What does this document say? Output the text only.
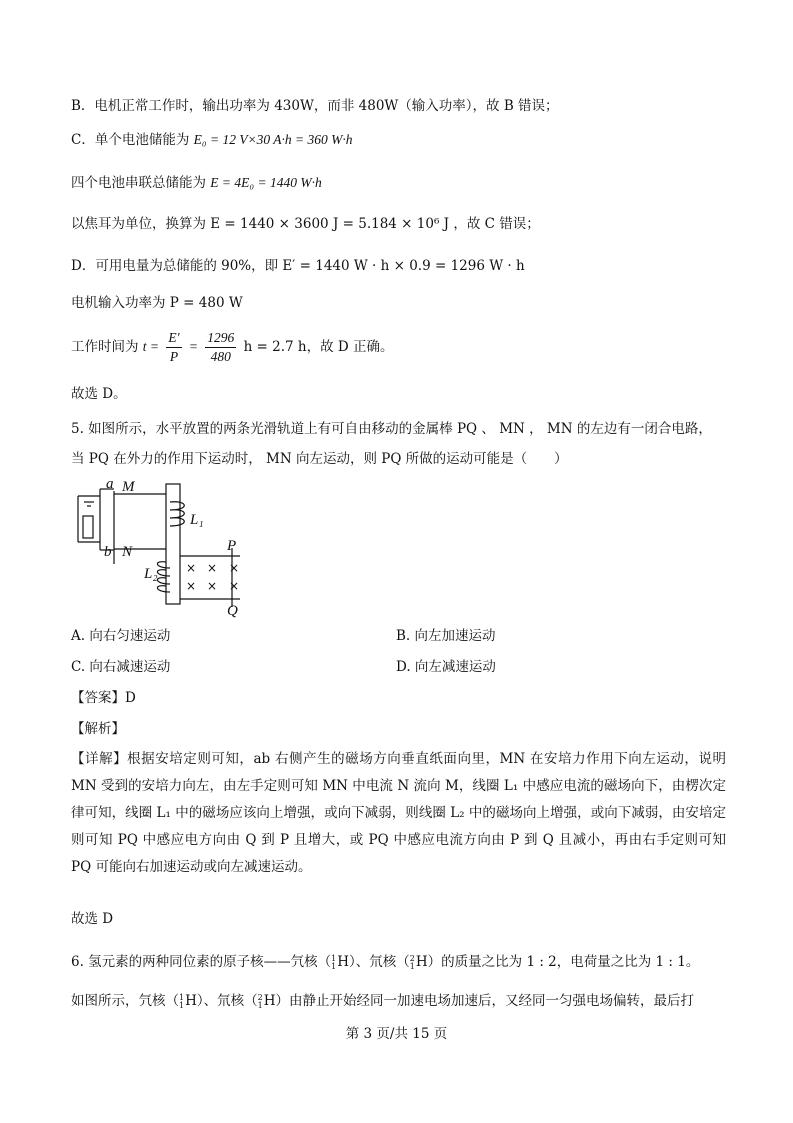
B．电机正常工作时，输出功率为 430W，而非 480W（输入功率），故 B 错误；
C．单个电池储能为 E₀ = 12 V×30 A·h = 360 W·h
四个电池串联总储能为 E = 4E₀ = 1440 W·h
以焦耳为单位，换算为 E = 1440 × 3600 J = 5.184 × 10⁶ J ，故 C 错误；
D．可用电量为总储能的 90%，即 E′ = 1440 W · h × 0.9 = 1296 W · h
电机输入功率为 P = 480 W
工作时间为 $t = \frac{E'}{P} = \frac{1296}{480}$ h = 2.7 h，故 D 正确。
故选 D。
5. 如图所示，水平放置的两条光滑轨道上有可自由移动的金属棒 PQ 、 MN ， MN 的左边有一闭合电路，
当 PQ 在外力的作用下运动时， MN 向左运动，则 PQ 所做的运动可能是（　　）
a M
b N
L₁
L₂
P
Q
× × ×
× × ×
A. 向右匀速运动	B. 向左加速运动
C. 向右减速运动	D. 向左减速运动
【答案】D
【解析】
【详解】根据安培定则可知，ab 右侧产生的磁场方向垂直纸面向里，MN 在安培力作用下向左运动，说明 MN 受到的安培力向左，由左手定则可知 MN 中电流 N 流向 M，线圈 L₁ 中感应电流的磁场向下，由楞次定律可知，线圈 L₁ 中的磁场应该向上增强，或向下减弱，则线圈 L₂ 中的磁场向上增强，或向下减弱，由安培定则可知 PQ 中感应电方向由 Q 到 P 且增大，或 PQ 中感应电流方向由 P 到 Q 且减小，再由右手定则可知 PQ 可能向右加速运动或向左减速运动。
故选 D
6. 氢元素的两种同位素的原子核——氕核（ 1
1 H）、氘核（ 2
1 H）的质量之比为 1 : 2，电荷量之比为 1 : 1。
如图所示，氕核（ 1
1 H）、氘核（ 2
1 H）由静止开始经同一加速电场加速后，又经同一匀强电场偏转，最后打
第 3 页/共 15 页
